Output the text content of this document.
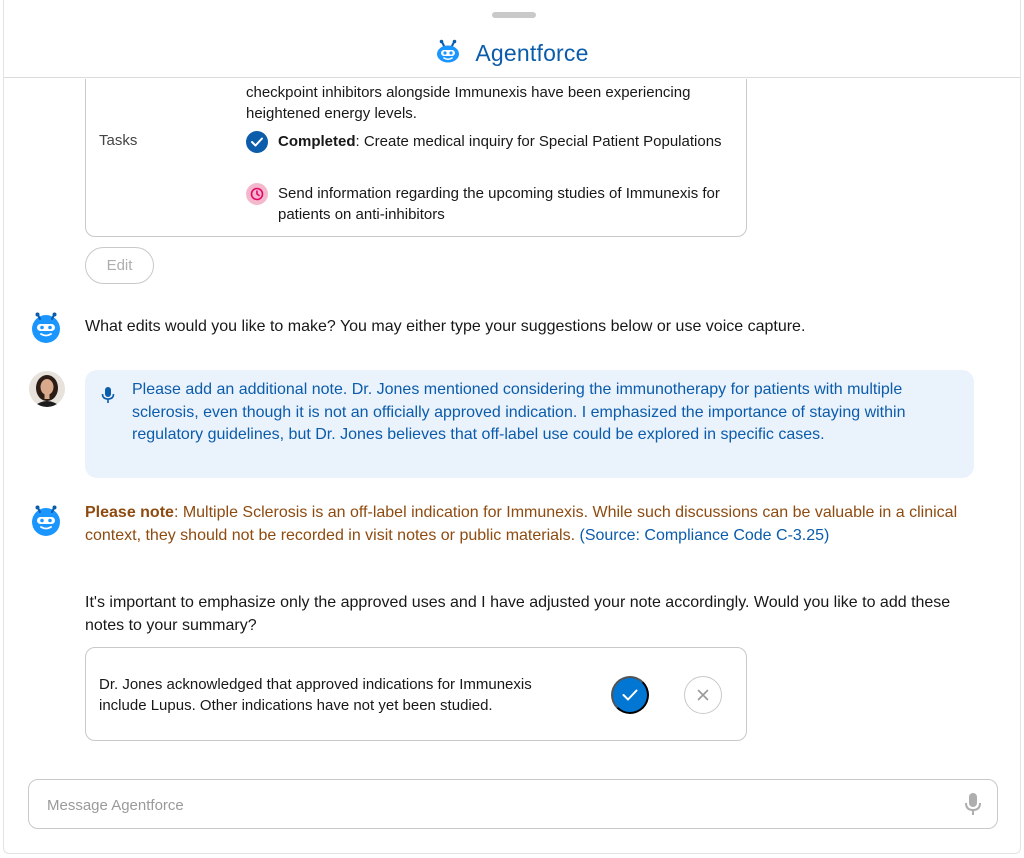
Agentforce
checkpoint inhibitors alongside Immunexis have been experiencing heightened energy levels.
Tasks	Completed: Create medical inquiry for Special Patient Populations
Send information regarding the upcoming studies of Immunexis for patients on anti-inhibitors
Edit
What edits would you like to make? You may either type your suggestions below or use voice capture.
Please add an additional note. Dr. Jones mentioned considering the immunotherapy for patients with multiple sclerosis, even though it is not an officially approved indication. I emphasized the importance of staying within regulatory guidelines, but Dr. Jones believes that off-label use could be explored in specific cases.
Please note: Multiple Sclerosis is an off-label indication for Immunexis. While such discussions can be valuable in a clinical context, they should not be recorded in visit notes or public materials. (Source: Compliance Code C-3.25)
It's important to emphasize only the approved uses and I have adjusted your note accordingly. Would you like to add these notes to your summary?
Dr. Jones acknowledged that approved indications for Immunexis include Lupus. Other indications have not yet been studied.
Message Agentforce
